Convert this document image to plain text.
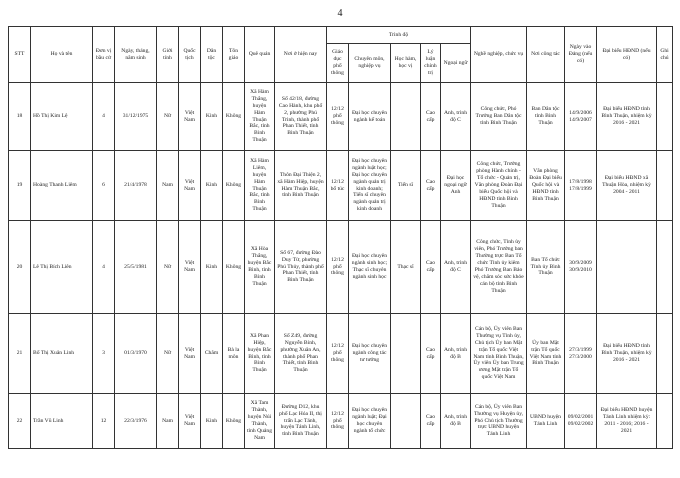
4
STT	Họ và tên	Đơn vị bầu cử	Ngày, tháng, năm sinh	Giới tính	Quốc tịch	Dân tộc	Tôn giáo	Quê quán	Nơi ở hiện nay	Trình độ					Nghề nghiệp, chức vụ	Nơi công tác	Ngày vào Đảng (nếu có)	Đại biểu HĐND (nếu có)	Ghi chú
										Giáo dục phổ thông	Chuyên môn, nghiệp vụ	Học hàm, học vị	Lý luận chính trị	Ngoại ngữ					
18	Hồ Thị Kim Lệ	4	31/12/1975	Nữ	Việt Nam	Kinh	Không	Xã Hàm Thắng, huyện Hàm Thuận Bắc, tỉnh Bình Thuận	Số 42/18, đường Cao Hành, khu phố 2, phường Phú Trinh, thành phố Phan Thiết, tỉnh Bình Thuận	12/12 phổ thông	Đại học chuyên ngành kế toán		Cao cấp	Anh, trình độ C	Công chức, Phó Trưởng Ban Dân tộc tỉnh Bình Thuận	Ban Dân tộc tỉnh Bình Thuận	14/9/2006 14/9/2007	Đại biểu HĐND tỉnh Bình Thuận, nhiệm kỳ 2016 - 2021	
19	Hoàng Thanh Liêm	6	21/4/1978	Nam	Việt Nam	Kinh	Không	Xã Hàm Liêm, huyện Hàm Thuận Bắc, tỉnh Bình Thuận	Thôn Đại Thiện 2, xã Hàm Hiệp, huyện Hàm Thuận Bắc, tỉnh Bình Thuận	12/12 bổ túc	Đại học chuyên ngành luật học; Đại học chuyên ngành quản trị kinh doanh; Tiến sĩ chuyên ngành quản trị kinh doanh	Tiến sĩ	Cao cấp	Đại học ngoại ngữ Anh	Công chức, Trưởng phòng Hành chính - Tổ chức - Quản trị, Văn phòng Đoàn Đại biểu Quốc hội và HĐND tỉnh Bình Thuận	Văn phòng Đoàn Đại biểu Quốc hội và HĐND tỉnh Bình Thuận	17/8/1998 17/8/1999	Đại biểu HĐND xã Thuận Hòa, nhiệm kỳ 2004 - 2011	
20	Lê Thị Bích Liên	4	25/5/1981	Nữ	Việt Nam	Kinh	Không	Xã Hòa Thắng, huyện Bắc Bình, tỉnh Bình Thuận	Số 67, đường Đào Duy Từ, phường Phú Thủy, thành phố Phan Thiết, tỉnh Bình Thuận	12/12 phổ thông	Đại học chuyên ngành sinh học; Thạc sĩ chuyên ngành sinh học	Thạc sĩ	Cao cấp	Anh, trình độ C	Công chức, Tỉnh ủy viên, Phó Trưởng ban Thường trực Ban Tổ chức Tỉnh ủy kiêm Phó Trưởng Ban Bảo vệ, chăm sóc sức khỏe cán bộ tỉnh Bình Thuận	Ban Tổ chức Tỉnh ủy Bình Thuận	30/9/2009 30/9/2010		
21	Bố Thị Xuân Linh	3	01/3/1970	Nữ	Việt Nam	Chăm	Bà la môn	Xã Phan Hiệp, huyện Bắc Bình, tỉnh Bình Thuận	Số Z49, đường Nguyễn Bính, phường Xuân An, thành phố Phan Thiết, tỉnh Bình Thuận	12/12 phổ thông	Đại học chuyên ngành công tác tư tưởng		Cao cấp	Anh, trình độ B	Cán bộ, Ủy viên Ban Thường vụ Tỉnh ủy, Chủ tịch Ủy ban Mặt trận Tổ quốc Việt Nam tỉnh Bình Thuận, Ủy viên Ủy ban Trung ương Mặt trận Tổ quốc Việt Nam	Ủy ban Mặt trận Tổ quốc Việt Nam tỉnh Bình Thuận	27/3/1999 27/3/2000	Đại biểu HĐND tỉnh Bình Thuận, nhiệm kỳ 2016 - 2021	
22	Trần Vũ Linh	12	22/3/1976	Nam	Việt Nam	Kinh	Không	Xã Tam Thành, huyện Núi Thành, tỉnh Quảng Nam	Đường D12, khu phố Lạc Hóa II, thị trấn Lạc Tánh, huyện Tánh Linh, tỉnh Bình Thuận	12/12 phổ thông	Đại học chuyên ngành luật; Đại học chuyên ngành tổ chức		Cao cấp	Anh, trình độ B	Cán bộ, Ủy viên Ban Thường vụ Huyện ủy, Phó Chủ tịch Thường trực UBND huyện Tánh Linh	UBND huyện Tánh Linh	09/02/2001 09/02/2002	Đại biểu HĐND huyện Tánh Linh nhiệm kỳ: 2011 - 2016; 2016 - 2021	
